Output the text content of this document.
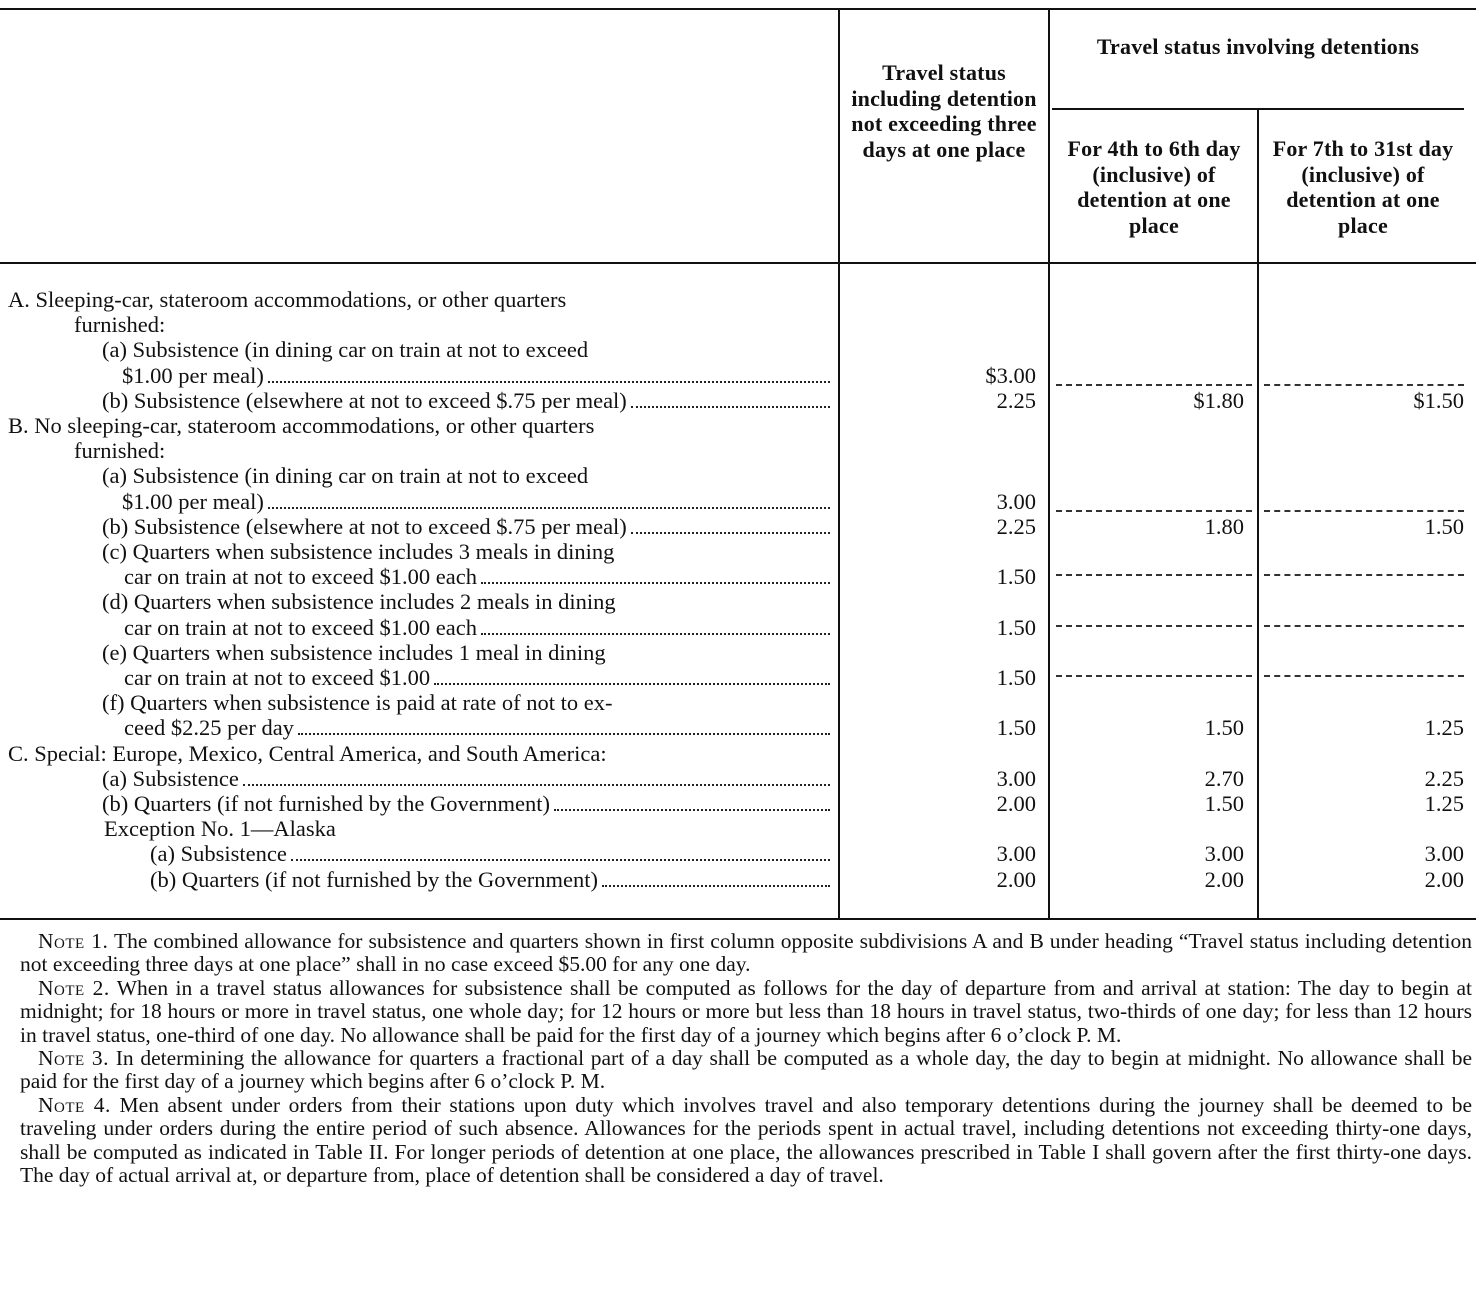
Travel status including detention not exceeding three days at one place
Travel status involving detentions
For 4th to 6th day (inclusive) of detention at one place
For 7th to 31st day (inclusive) of detention at one place
A. Sleeping-car, stateroom accommodations, or other quarters
furnished:
(a) Subsistence (in dining car on train at not to exceed
$1.00 per meal)	$3.00
(b) Subsistence (elsewhere at not to exceed $.75 per meal)	2.25	$1.80	$1.50
B. No sleeping-car, stateroom accommodations, or other quarters
furnished:
(a) Subsistence (in dining car on train at not to exceed
$1.00 per meal)	3.00
(b) Subsistence (elsewhere at not to exceed $.75 per meal)	2.25	1.80	1.50
(c) Quarters when subsistence includes 3 meals in dining
car on train at not to exceed $1.00 each	1.50
(d) Quarters when subsistence includes 2 meals in dining
car on train at not to exceed $1.00 each	1.50
(e) Quarters when subsistence includes 1 meal in dining
car on train at not to exceed $1.00	1.50
(f) Quarters when subsistence is paid at rate of not to ex-
ceed $2.25 per day	1.50	1.50	1.25
C. Special: Europe, Mexico, Central America, and South America:
(a) Subsistence	3.00	2.70	2.25
(b) Quarters (if not furnished by the Government)	2.00	1.50	1.25
Exception No. 1—Alaska
(a) Subsistence	3.00	3.00	3.00
(b) Quarters (if not furnished by the Government)	2.00	2.00	2.00

Note 1. The combined allowance for subsistence and quarters shown in first column opposite subdivisions A and B under heading “Travel status including detention not exceeding three days at one place” shall in no case exceed $5.00 for any one day.

Note 2. When in a travel status allowances for subsistence shall be computed as follows for the day of departure from and arrival at station: The day to begin at midnight; for 18 hours or more in travel status, one whole day; for 12 hours or more but less than 18 hours in travel status, two-thirds of one day; for less than 12 hours in travel status, one-third of one day. No allowance shall be paid for the first day of a journey which begins after 6 o’clock P. M.

Note 3. In determining the allowance for quarters a fractional part of a day shall be computed as a whole day, the day to begin at midnight. No allowance shall be paid for the first day of a journey which begins after 6 o’clock P. M.

Note 4. Men absent under orders from their stations upon duty which involves travel and also temporary detentions during the journey shall be deemed to be traveling under orders during the entire period of such absence. Allowances for the periods spent in actual travel, including detentions not exceeding thirty-one days, shall be computed as indicated in Table II. For longer periods of detention at one place, the allowances prescribed in Table I shall govern after the first thirty-one days. The day of actual arrival at, or departure from, place of detention shall be considered a day of travel.
